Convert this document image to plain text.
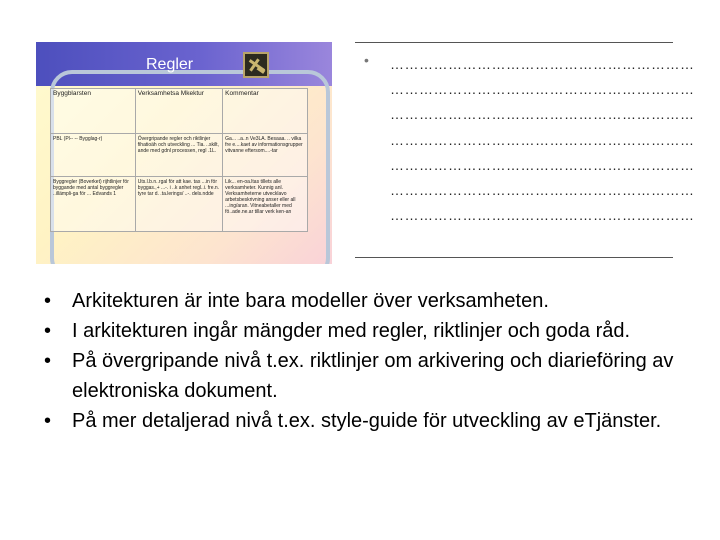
Regler
Byggblarsten	Verksamhetsa Mkektur	Kommentar
PBL (Pl-- -- Bygglag-r)	Övergripande regler och riktlinjer fihatioäh och utveckling ... Tia. ..skilt, ande med gdnl processen, regl .1L.	Ga... ..a..n Ve3LA. Besaaa. .. vilka fre e....kaet av informationsgrupper vitvanne eftersom....-tar
Byggregler (Boverket) rijhtlinjer för byggande med antal byggregler ..illämpli-ga för ... Edvands 1	Uts.l.b.n..rgal för att kae. tas ...in för byggas.,+ ...-. i ..k anhet regl..i. fre.n. tyre tar d. .ta.lerings/ ..-. dels.ndde	Lik... en-oa.ltas tillets alle verksamheter. Kunnig anl. Verksamheterne utvecklavo arbetsbeskrivning anser eller all ...ing/aran. Vitneabetaller med fö..ade.ne.ar tillar verk ken-an
• ………………………………………………………
………………………………………………………
………………………………………………………
………………………………………………………
………………………………………………………
………………………………………………………
………………………………………………………
•	Arkitekturen är inte bara modeller över verksamheten.
•	I arkitekturen ingår mängder med regler, riktlinjer och goda råd.
•	På övergripande nivå t.ex. riktlinjer om arkivering och diarieföring av elektroniska dokument.
•	På mer detaljerad nivå t.ex. style-guide för utveckling av eTjänster.
